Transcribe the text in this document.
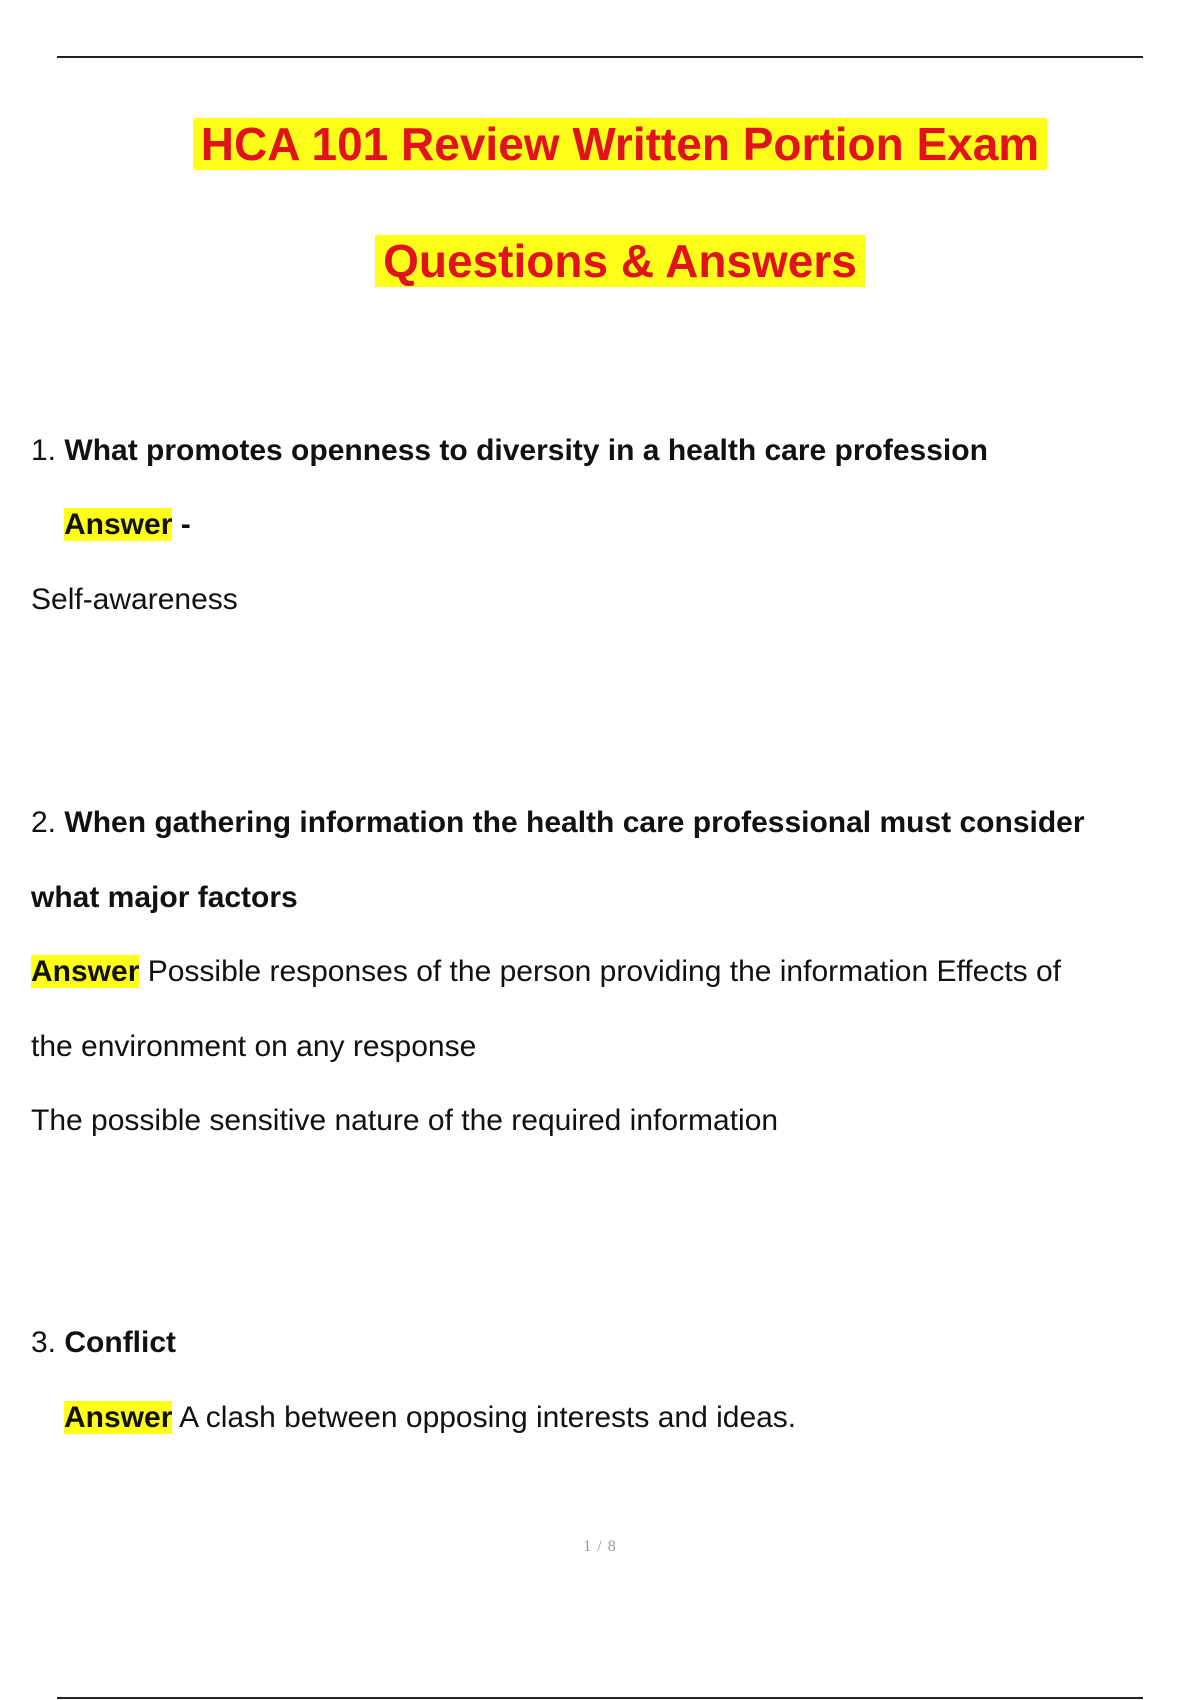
HCA 101 Review Written Portion Exam
Questions & Answers
1. What promotes openness to diversity in a health care profession
Answer -
Self-awareness
2. When gathering information the health care professional must consider
what major factors
Answer Possible responses of the person providing the information Effects of
the environment on any response
The possible sensitive nature of the required information
3. Conflict
Answer A clash between opposing interests and ideas.
1 / 8
